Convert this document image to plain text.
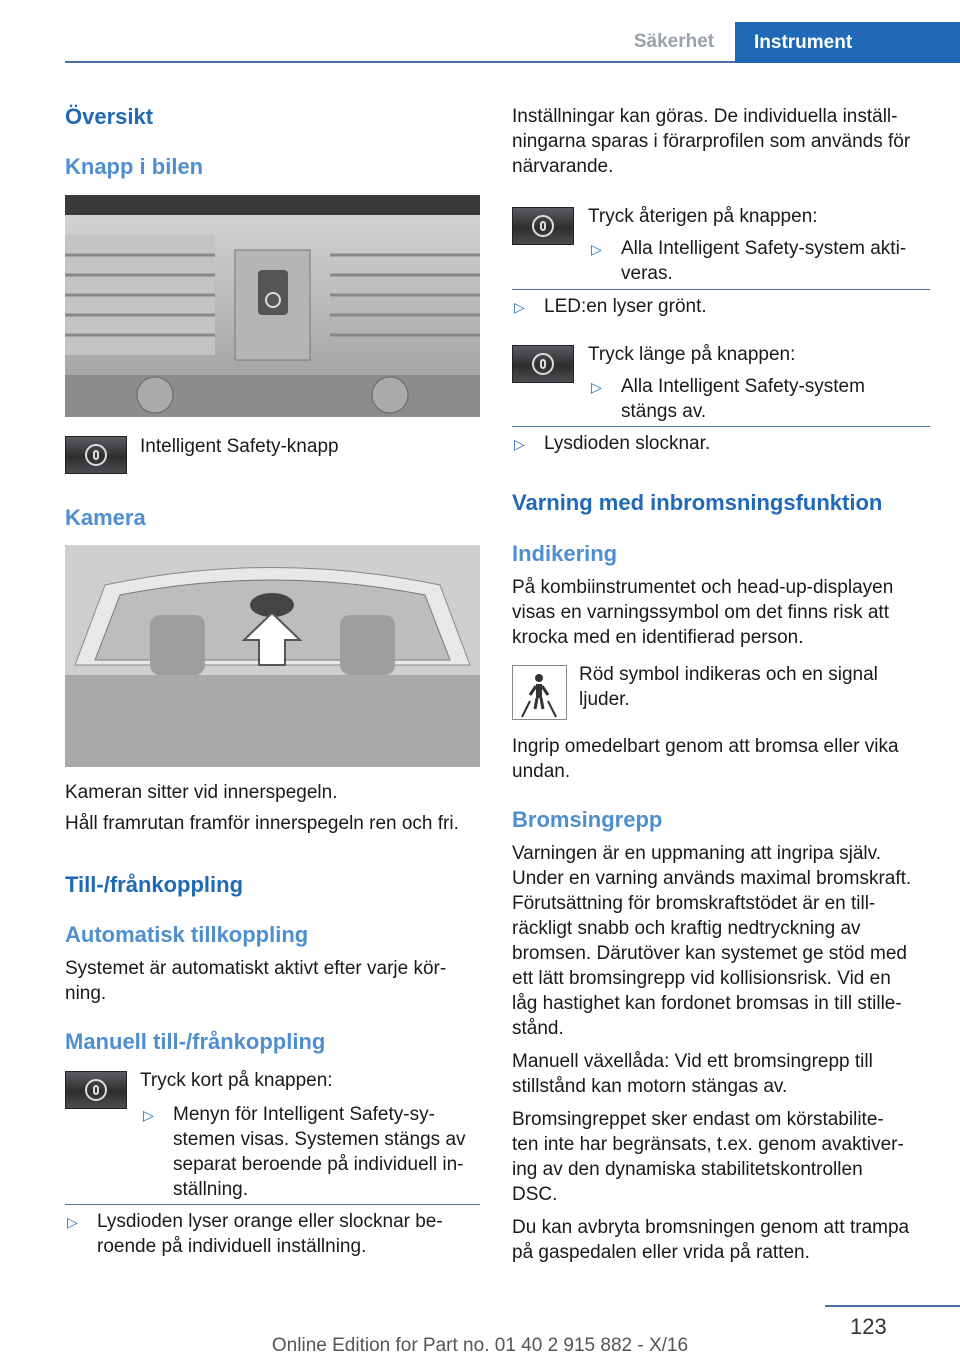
Säkerhet	Instrument
Översikt
Knapp i bilen

Intelligent Safety-knapp

Kamera

Kameran sitter vid innerspegeln.

Håll framrutan framför innerspegeln ren och fri.

Till-/frånkoppling
Automatisk tillkoppling

Systemet är automatiskt aktivt efter varje kör-

ning.

Manuell till-/frånkoppling

Tryck kort på knappen:

▷	Menyn för Intelligent Safety-sy-
stemen visas. Systemen stängs av
separat beroende på individuell in-
ställning.
▷	Lysdioden lyser orange eller slocknar be-
roende på individuell inställning.

Inställningar kan göras. De individuella inställ-

ningarna sparas i förarprofilen som används för

närvarande.

Tryck återigen på knappen:

▷	Alla Intelligent Safety-system akti-
veras.
▷	LED:en lyser grönt.

Tryck länge på knappen:

▷	Alla Intelligent Safety-system
stängs av.
▷	Lysdioden slocknar.
Varning med inbromsningsfunktion
Indikering

På kombiinstrumentet och head-up-displayen

visas en varningssymbol om det finns risk att

krocka med en identifierad person.

Röd symbol indikeras och en signal

ljuder.

Ingrip omedelbart genom att bromsa eller vika

undan.

Bromsingrepp

Varningen är en uppmaning att ingripa själv.

Under en varning används maximal bromskraft.

Förutsättning för bromskraftstödet är en till-

räckligt snabb och kraftig nedtryckning av

bromsen. Därutöver kan systemet ge stöd med

ett lätt bromsingrepp vid kollisionsrisk. Vid en

låg hastighet kan fordonet bromsas in till stille-

stånd.

Manuell växellåda: Vid ett bromsingrepp till

stillstånd kan motorn stängas av.

Bromsingreppet sker endast om körstabilite-

ten inte har begränsats, t.ex. genom avaktiver-

ing av den dynamiska stabilitetskontrollen

DSC.

Du kan avbryta bromsningen genom att trampa

på gaspedalen eller vrida på ratten.

123
Online Edition for Part no. 01 40 2 915 882 - X/16
